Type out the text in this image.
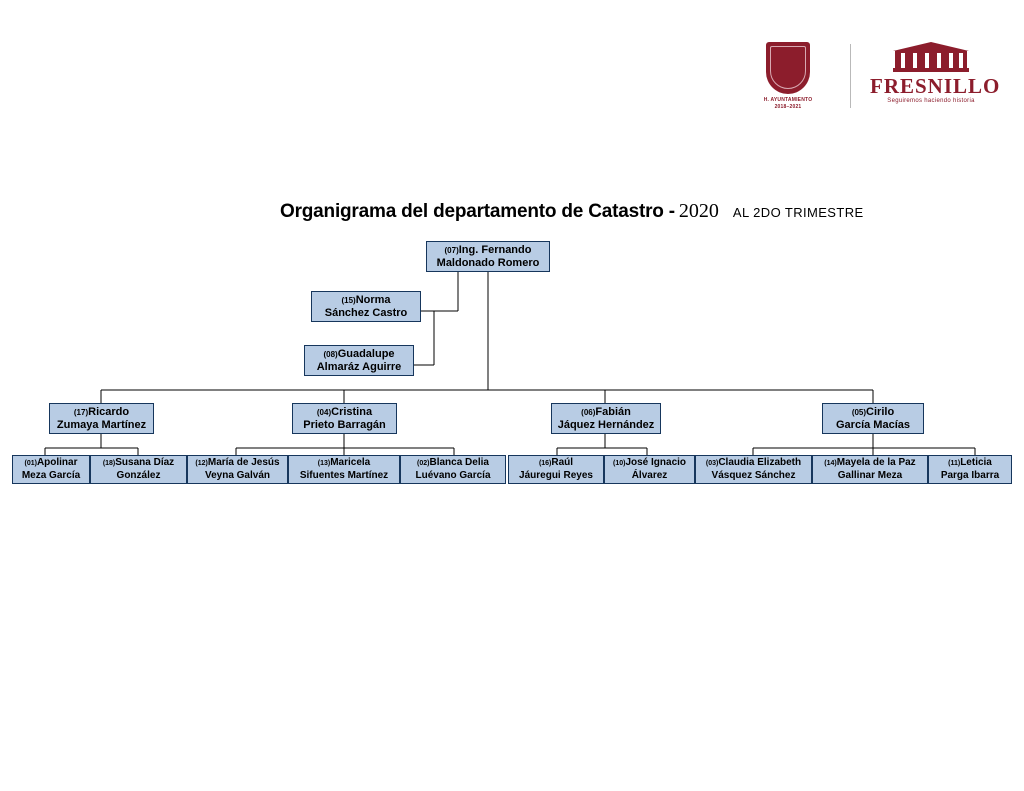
H. AYUNTAMIENTO
2018–2021
FRESNILLO
Seguiremos haciendo historia
Organigrama del departamento de Catastro - 2020 AL 2DO TRIMESTRE
(07)Ing. Fernando
Maldonado Romero
(15)Norma
Sánchez Castro
(08)Guadalupe
Almaráz Aguirre
(17)Ricardo
Zumaya Martínez
(04)Cristina
Prieto Barragán
(06)Fabián
Jáquez Hernández
(05)Cirilo
García Macías
(01)Apolinar
Meza García
(18)Susana Díaz
González
(12)María de Jesús
Veyna Galván
(13)Maricela
Sifuentes Martínez
(02)Blanca Delia
Luévano García
(16)Raúl
Jáuregui Reyes
(10)José Ignacio
Álvarez
(03)Claudia Elizabeth
Vásquez Sánchez
(14)Mayela de la Paz
Gallinar Meza
(11)Leticia
Parga Ibarra
